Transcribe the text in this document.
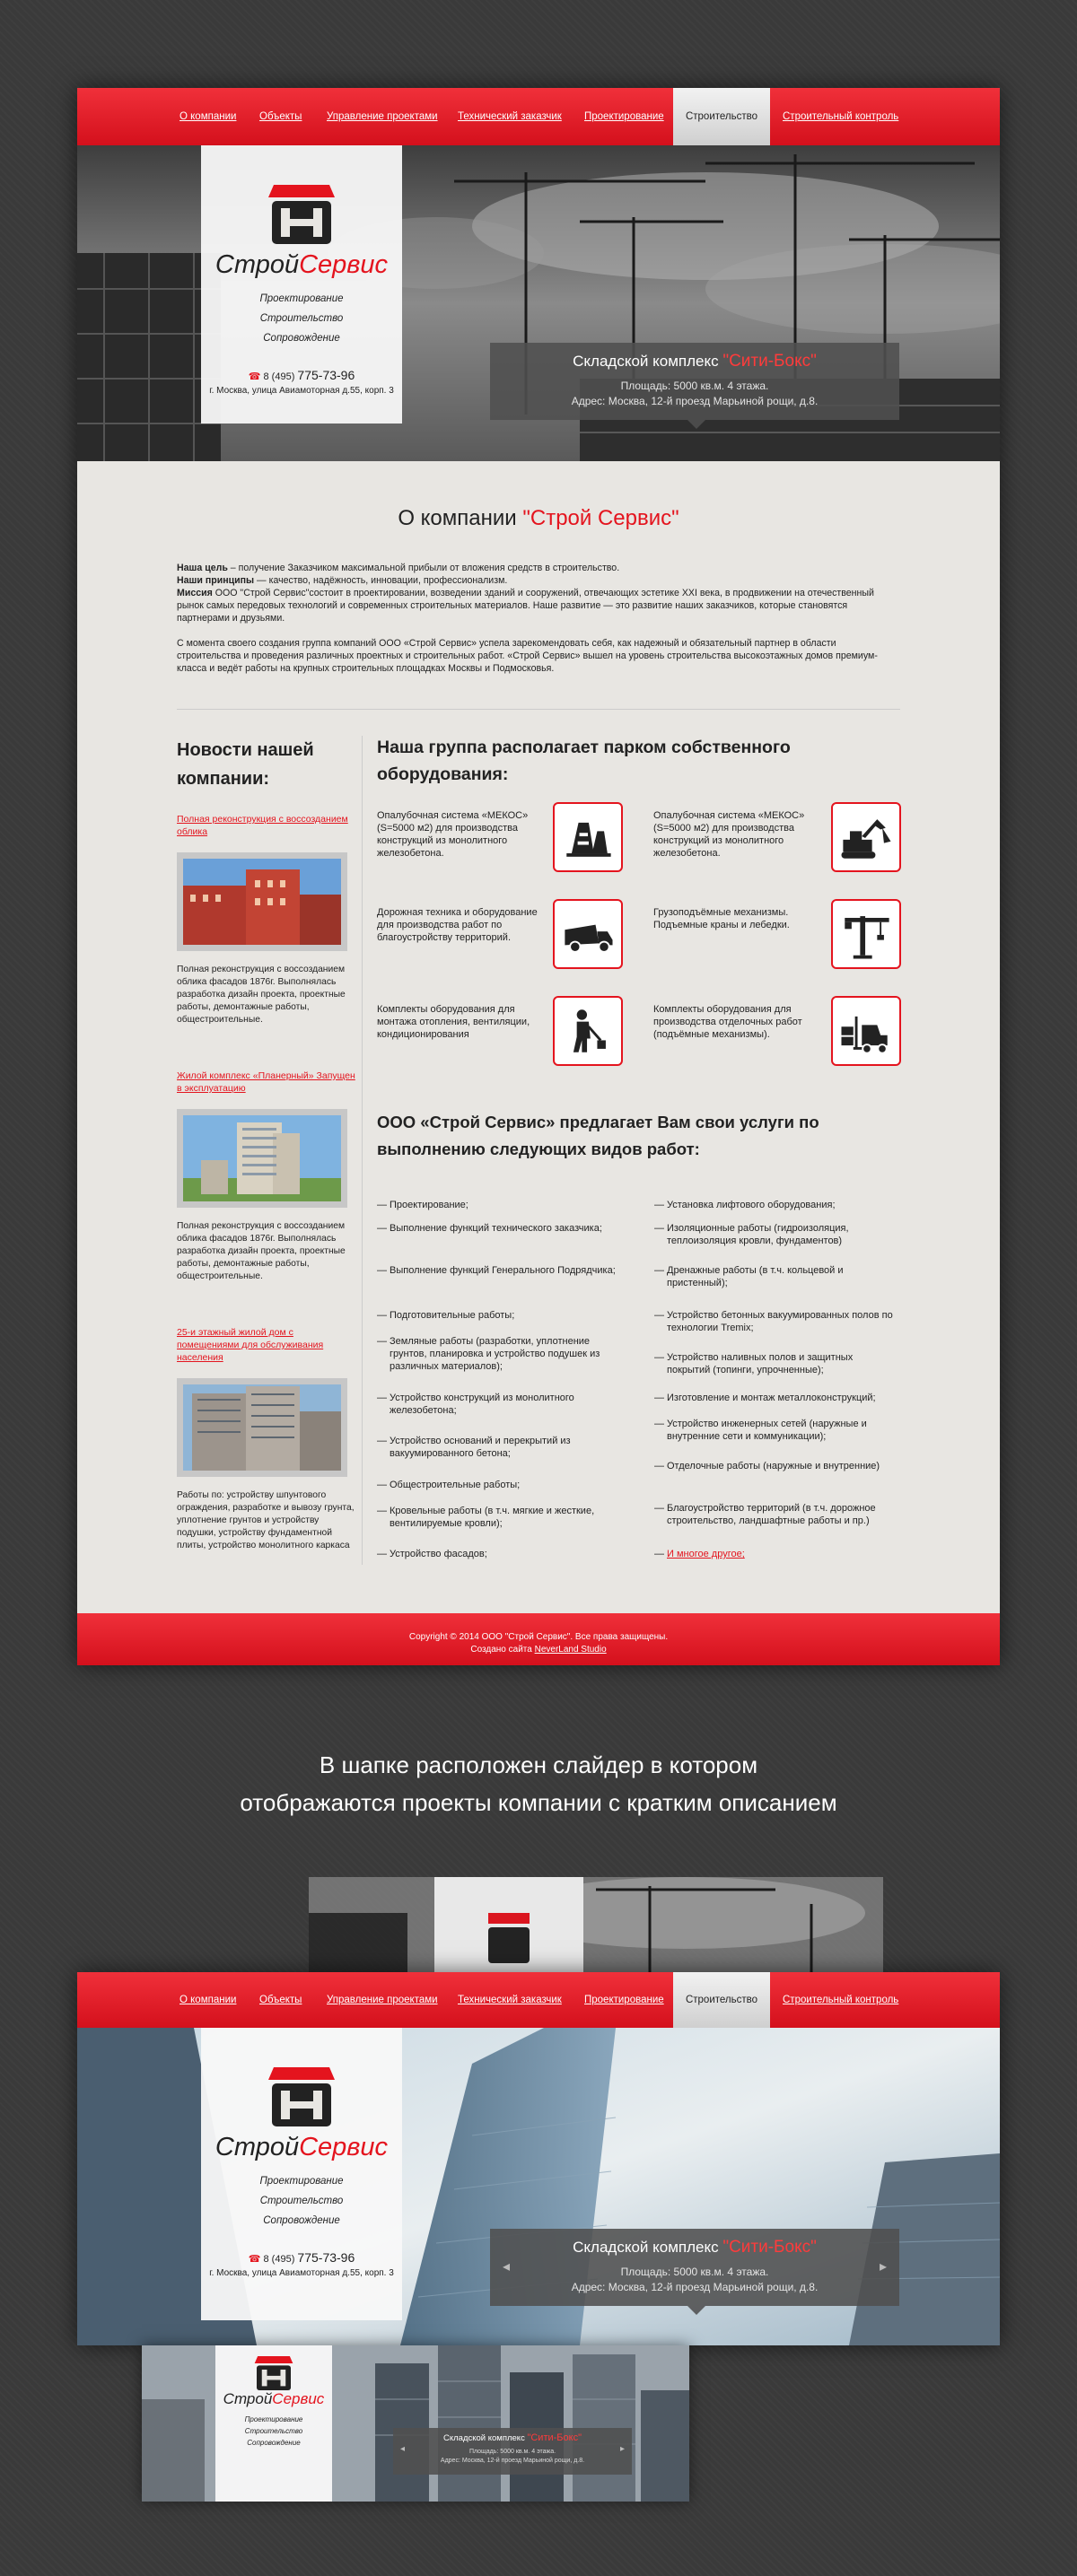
О компании Объекты Управление проектами Технический заказчик Проектирование	Строительство	Строительный контроль
СтройСервис
Проектирование
Строительство
Сопровождение
☎ 8 (495) 775-73-96
г. Москва, улица Авиамоторная д.55, корп. 3
Складской комплекс "Сити-Бокс"
Площадь: 5000 кв.м. 4 этажа.
Адрес: Москва, 12-й проезд Марьиной рощи, д.8.
О компании "Строй Сервис"
Наша цель – получение Заказчиком максимальной прибыли от вложения средств в строительство.
Наши принципы — качество, надёжность, инновации, профессионализм.
Миссия ООО "Строй Сервис"состоит в проектировании, возведении зданий и сооружений, отвечающих эстетике XXI века, в продвижении на отечественный рынок самых передовых технологий и современных строительных материалов. Наше развитие — это развитие наших заказчиков, которые становятся партнерами и друзьями.
С момента своего создания группа компаний ООО «Строй Сервис» успела зарекомендовать себя, как надежный и обязательный партнер в области строительства и проведения различных проектных и строительных работ. «Строй Сервис» вышел на уровень строительства высокоэтажных домов премиум- класса и ведёт работы на крупных строительных площадках Москвы и Подмосковья.
Новости нашей компании:
Полная реконструкция с воссозданием облика
Полная реконструкция с воссозданием облика фасадов 1876г. Выполнялась разработка дизайн проекта, проектные работы, демонтажные работы, общестроительные.
Жилой комплекс «Планерный» Запущен в эксплуатацию
Полная реконструкция с воссозданием облика фасадов 1876г. Выполнялась разработка дизайн проекта, проектные работы, демонтажные работы, общестроительные.
25-и этажный жилой дом с помещениями для обслуживания населения
Работы по: устройству шпунтового ограждения, разработке и вывозу грунта, уплотнение грунтов и устройству подушки, устройству фундаментной плиты, устройство монолитного каркаса
Наша группа располагает парком собственного оборудования:
Опалубочная система «МЕКОС» (S=5000 м2) для производства конструкций из монолитного железобетона.
Опалубочная система «МЕКОС» (S=5000 м2) для производства конструкций из монолитного железобетона.
Дорожная техника и оборудование для производства работ по благоустройству территорий.
Грузоподъёмные механизмы. Подъемные краны и лебедки.
Комплекты оборудования для монтажа отопления, вентиляции, кондиционирования
Комплекты оборудования для производства отделочных работ (подъёмные механизмы).
ООО «Строй Сервис» предлагает Вам свои услуги по выполнению следующих видов работ:
— Проектирование;
— Выполнение функций технического заказчика;
— Выполнение функций Генерального Подрядчика;
— Подготовительные работы;
— Земляные работы (разработки, уплотнение грунтов, планировка и устройство подушек из различных материалов);
— Устройство конструкций из монолитного железобетона;
— Устройство оснований и перекрытий из вакуумированного бетона;
— Общестроительные работы;
— Кровельные работы (в т.ч. мягкие и жесткие, вентилируемые кровли);
— Устройство фасадов;
— Установка лифтового оборудования;
— Изоляционные работы (гидроизоляция, теплоизоляция кровли, фундаментов)
— Дренажные работы (в т.ч. кольцевой и пристенный);
— Устройство бетонных вакуумированных полов по технологии Tremix;
— Устройство наливных полов и защитных покрытий (топинги, упрочненные);
— Изготовление и монтаж металлоконструкций;
— Устройство инженерных сетей (наружные и внутренние сети и коммуникации);
— Отделочные работы (наружные и внутренние)
— Благоустройство территорий (в т.ч. дорожное строительство, ландшафтные работы и пр.)
— И многое другое;
Copyright © 2014 ООО "Строй Сервис". Все права защищены.
Создано сайта NeverLand Studio
В шапке расположен слайдер в котором
отображаются проекты компании с кратким описанием
О компании Объекты Управление проектами Технический заказчик Проектирование	Строительство	Строительный контроль
СтройСервис
Проектирование
Строительство
Сопровождение
☎ 8 (495) 775-73-96
г. Москва, улица Авиамоторная д.55, корп. 3
Складской комплекс "Сити-Бокс"
Площадь: 5000 кв.м. 4 этажа.
Адрес: Москва, 12-й проезд Марьиной рощи, д.8.
◂	▸
СтройСервис
Проектирование
Строительство
Сопровождение	Складской комплекс "Сити-Бокс"
Площадь: 5000 кв.м. 4 этажа.
Адрес: Москва, 12-й проезд Марьиной рощи, д.8.
◂	▸
